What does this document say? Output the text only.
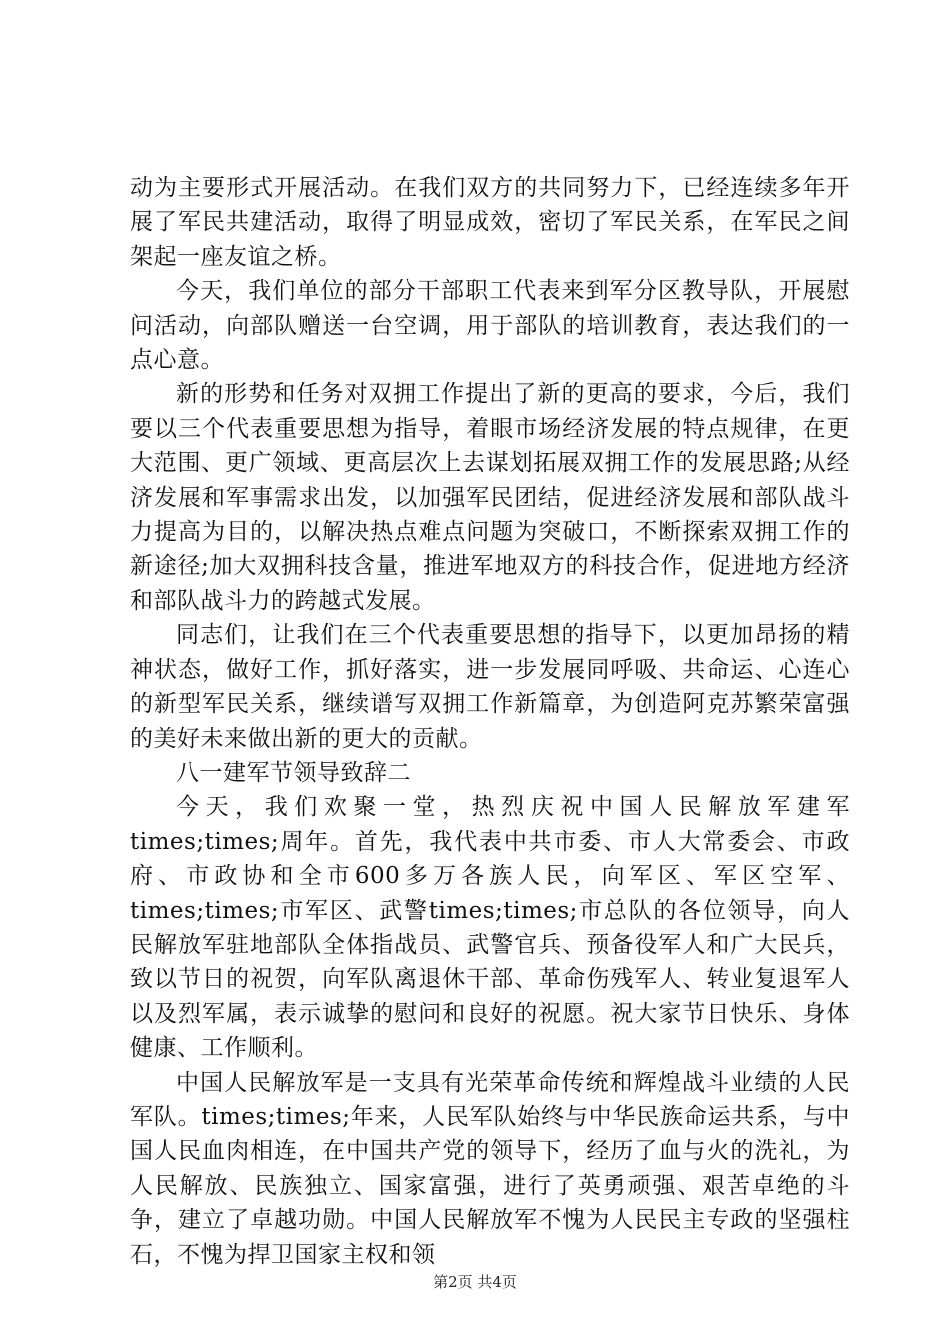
动为主要形式开展活动。在我们双方的共同努力下，已经连续多年开展了军民共建活动，取得了明显成效，密切了军民关系，在军民之间架起一座友谊之桥。

今天，我们单位的部分干部职工代表来到军分区教导队，开展慰问活动，向部队赠送一台空调，用于部队的培训教育，表达我们的一点心意。

新的形势和任务对双拥工作提出了新的更高的要求，今后，我们要以三个代表重要思想为指导，着眼市场经济发展的特点规律，在更大范围、更广领域、更高层次上去谋划拓展双拥工作的发展思路;从经济发展和军事需求出发，以加强军民团结，促进经济发展和部队战斗力提高为目的，以解决热点难点问题为突破口，不断探索双拥工作的新途径;加大双拥科技含量，推进军地双方的科技合作，促进地方经济和部队战斗力的跨越式发展。

同志们，让我们在三个代表重要思想的指导下，以更加昂扬的精神状态，做好工作，抓好落实，进一步发展同呼吸、共命运、心连心的新型军民关系，继续谱写双拥工作新篇章，为创造阿克苏繁荣富强的美好未来做出新的更大的贡献。

八一建军节领导致辞二

今天，我们欢聚一堂，热烈庆祝中国人民解放军建军times;times;周年。首先，我代表中共市委、市人大常委会、市政府、市政协和全市600多万各族人民，向军区、军区空军、times;times;市军区、武警times;times;市总队的各位领导，向人民解放军驻地部队全体指战员、武警官兵、预备役军人和广大民兵，致以节日的祝贺，向军队离退休干部、革命伤残军人、转业复退军人以及烈军属，表示诚挚的慰问和良好的祝愿。祝大家节日快乐、身体健康、工作顺利。

中国人民解放军是一支具有光荣革命传统和辉煌战斗业绩的人民军队。times;times;年来，人民军队始终与中华民族命运共系，与中国人民血肉相连，在中国共产党的领导下，经历了血与火的洗礼，为人民解放、民族独立、国家富强，进行了英勇顽强、艰苦卓绝的斗争，建立了卓越功勋。中国人民解放军不愧为人民民主专政的坚强柱石，不愧为捍卫国家主权和领

第2页 共4页
